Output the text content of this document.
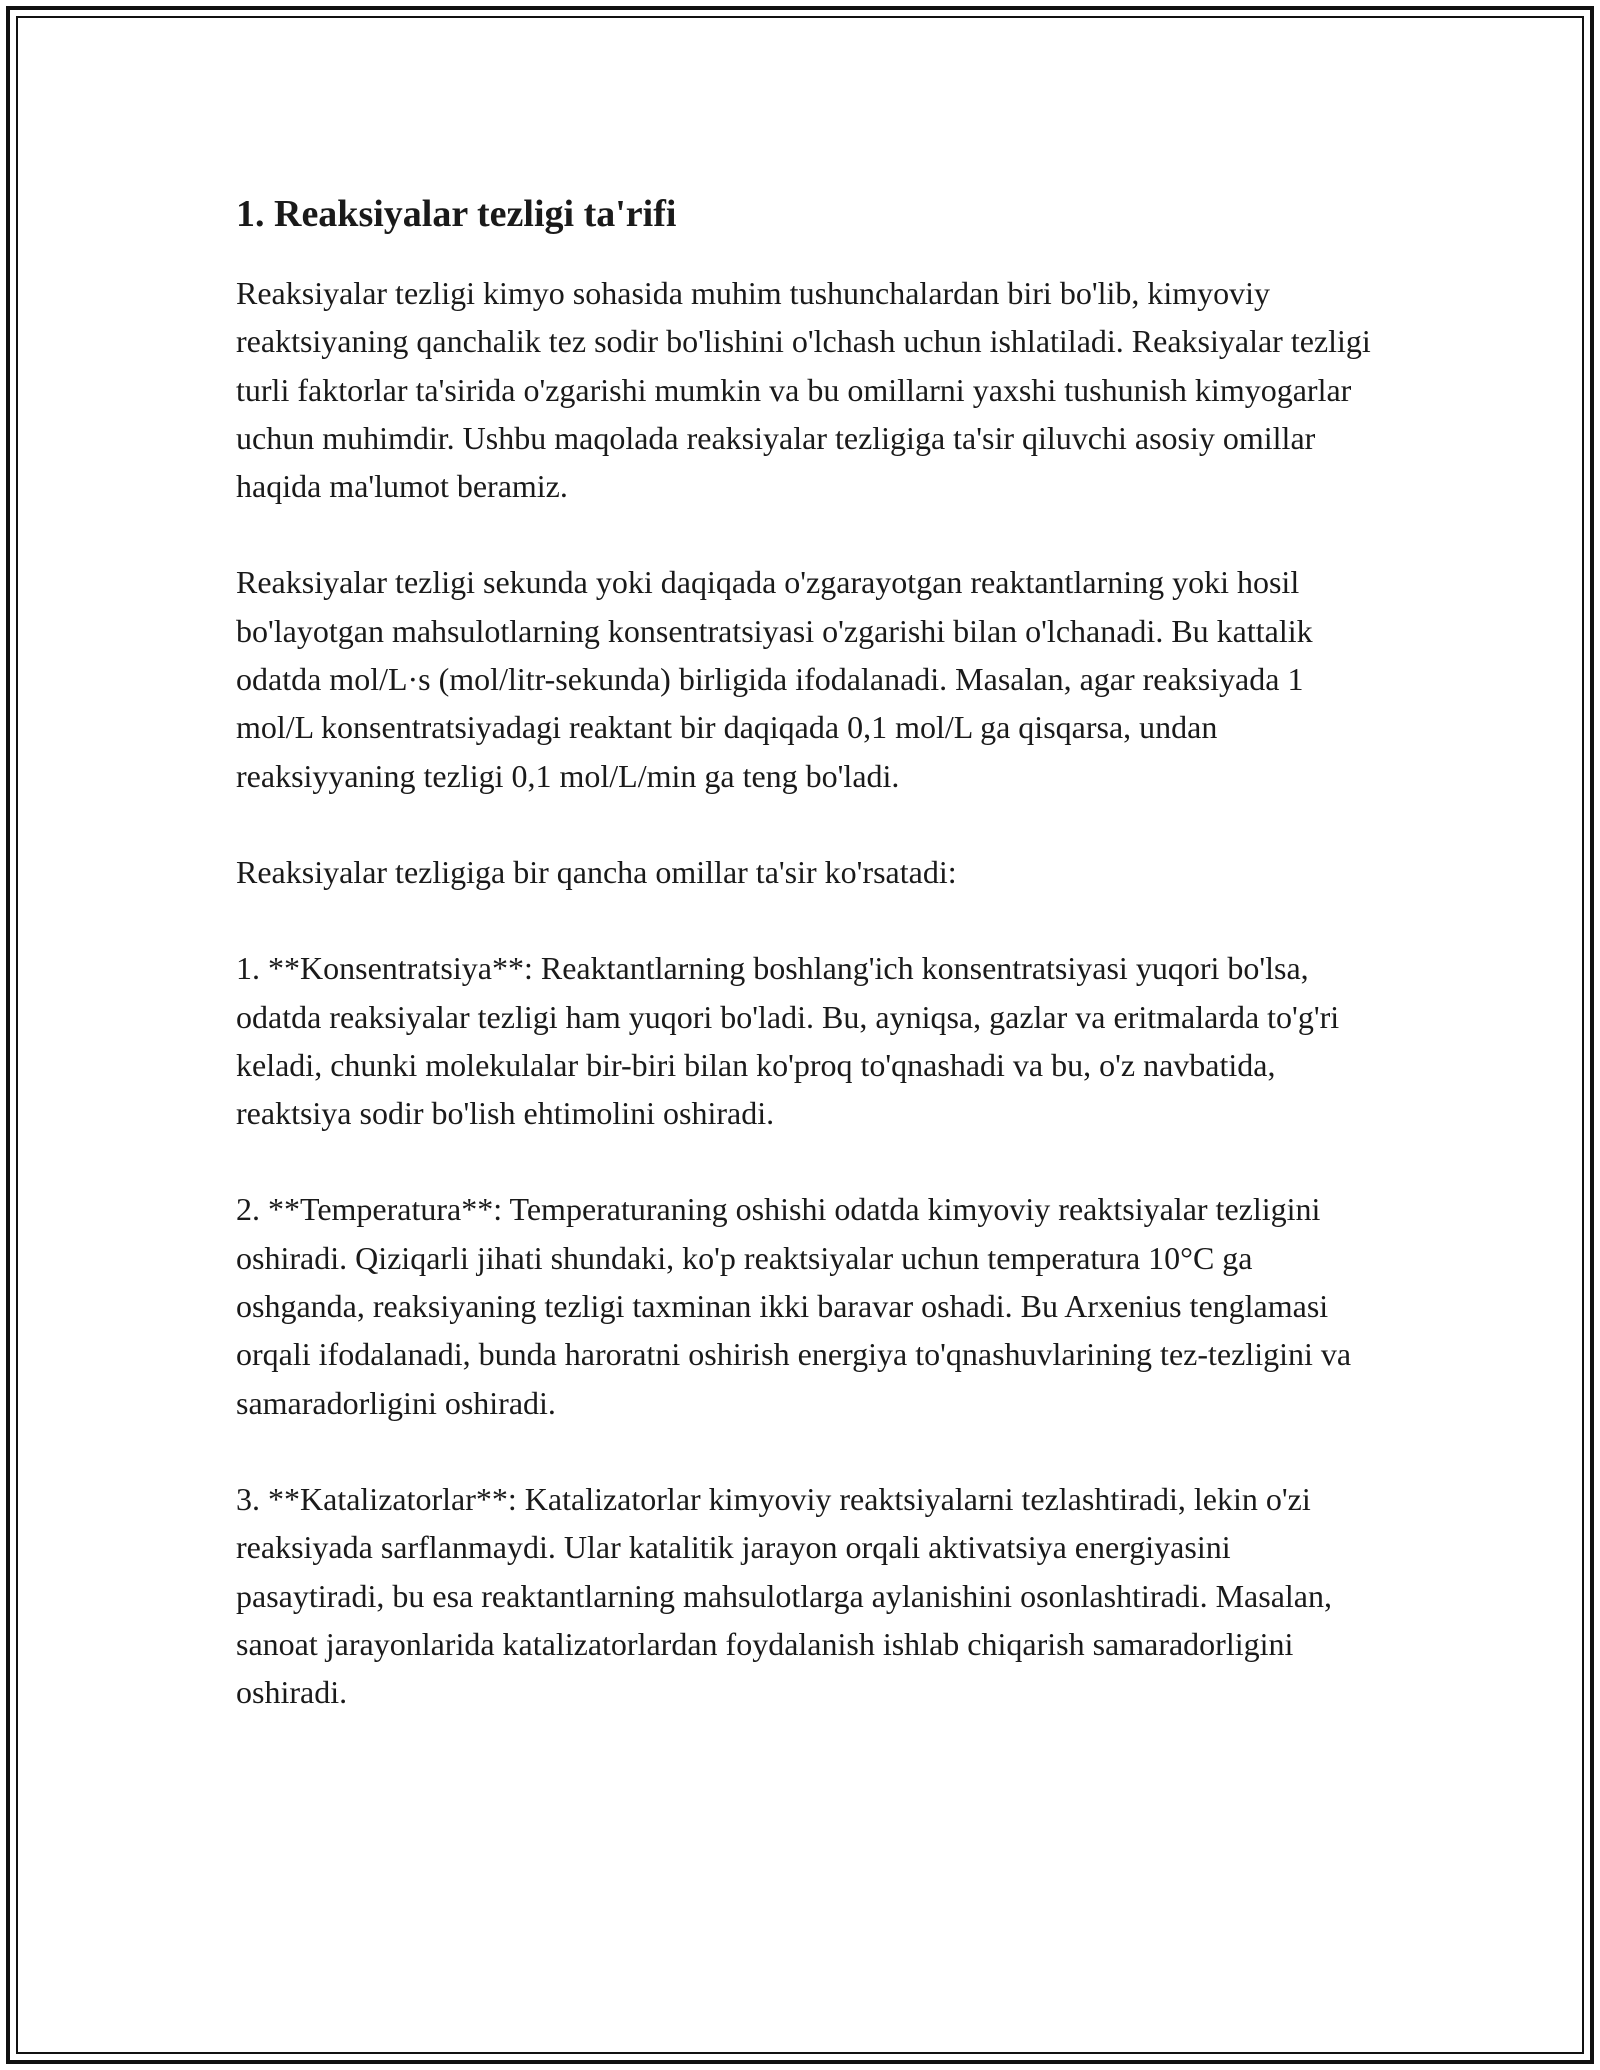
1. Reaksiyalar tezligi ta'rifi

Reaksiyalar tezligi kimyo sohasida muhim tushunchalardan biri bo'lib, kimyoviy reaktsiyaning qanchalik tez sodir bo'lishini o'lchash uchun ishlatiladi. Reaksiyalar tezligi turli faktorlar ta'sirida o'zgarishi mumkin va bu omillarni yaxshi tushunish kimyogarlar uchun muhimdir. Ushbu maqolada reaksiyalar tezligiga ta'sir qiluvchi asosiy omillar haqida ma'lumot beramiz.

Reaksiyalar tezligi sekunda yoki daqiqada o'zgarayotgan reaktantlarning yoki hosil bo'layotgan mahsulotlarning konsentratsiyasi o'zgarishi bilan o'lchanadi. Bu kattalik odatda mol/L·s (mol/litr-sekunda) birligida ifodalanadi. Masalan, agar reaksiyada 1 mol/L konsentratsiyadagi reaktant bir daqiqada 0,1 mol/L ga qisqarsa, undan reaksiyyaning tezligi 0,1 mol/L/min ga teng bo'ladi.

Reaksiyalar tezligiga bir qancha omillar ta'sir ko'rsatadi:

1. **Konsentratsiya**: Reaktantlarning boshlang'ich konsentratsiyasi yuqori bo'lsa, odatda reaksiyalar tezligi ham yuqori bo'ladi. Bu, ayniqsa, gazlar va eritmalarda to'g'ri keladi, chunki molekulalar bir-biri bilan ko'proq to'qnashadi va bu, o'z navbatida, reaktsiya sodir bo'lish ehtimolini oshiradi.

2. **Temperatura**: Temperaturaning oshishi odatda kimyoviy reaktsiyalar tezligini oshiradi. Qiziqarli jihati shundaki, ko'p reaktsiyalar uchun temperatura 10°C ga oshganda, reaksiyaning tezligi taxminan ikki baravar oshadi. Bu Arxenius tenglamasi orqali ifodalanadi, bunda haroratni oshirish energiya to'qnashuvlarining tez-tezligini va samaradorligini oshiradi.

3. **Katalizatorlar**: Katalizatorlar kimyoviy reaktsiyalarni tezlashtiradi, lekin o'zi reaksiyada sarflanmaydi. Ular katalitik jarayon orqali aktivatsiya energiyasini pasaytiradi, bu esa reaktantlarning mahsulotlarga aylanishini osonlashtiradi. Masalan, sanoat jarayonlarida katalizatorlardan foydalanish ishlab chiqarish samaradorligini oshiradi.
